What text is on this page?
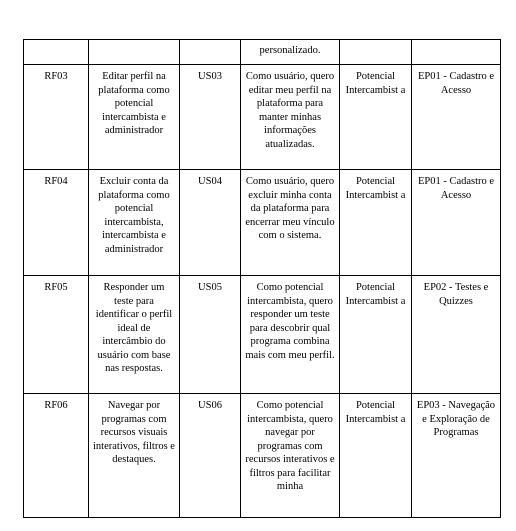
			personalizado.		
RF03	Editar perfil na plataforma como potencial intercambista e administrador	US03	Como usuário, quero editar meu perfil na plataforma para manter minhas informações atualizadas.	Potencial Intercambist a	EP01 - Cadastro e Acesso
RF04	Excluir conta da plataforma como potencial intercambista, intercambista e administrador	US04	Como usuário, quero excluir minha conta da plataforma para encerrar meu vínculo com o sistema.	Potencial Intercambist a	EP01 - Cadastro e Acesso
RF05	Responder um teste para identificar o perfil ideal de intercâmbio do usuário com base nas respostas.	US05	Como potencial intercambista, quero responder um teste para descobrir qual programa combina mais com meu perfil.	Potencial Intercambist a	EP02 - Testes e Quizzes
RF06	Navegar por programas com recursos visuais interativos, filtros e destaques.	US06	Como potencial intercambista, quero navegar por programas com recursos interativos e filtros para facilitar minha	Potencial Intercambist a	EP03 - Navegação e Exploração de Programas
